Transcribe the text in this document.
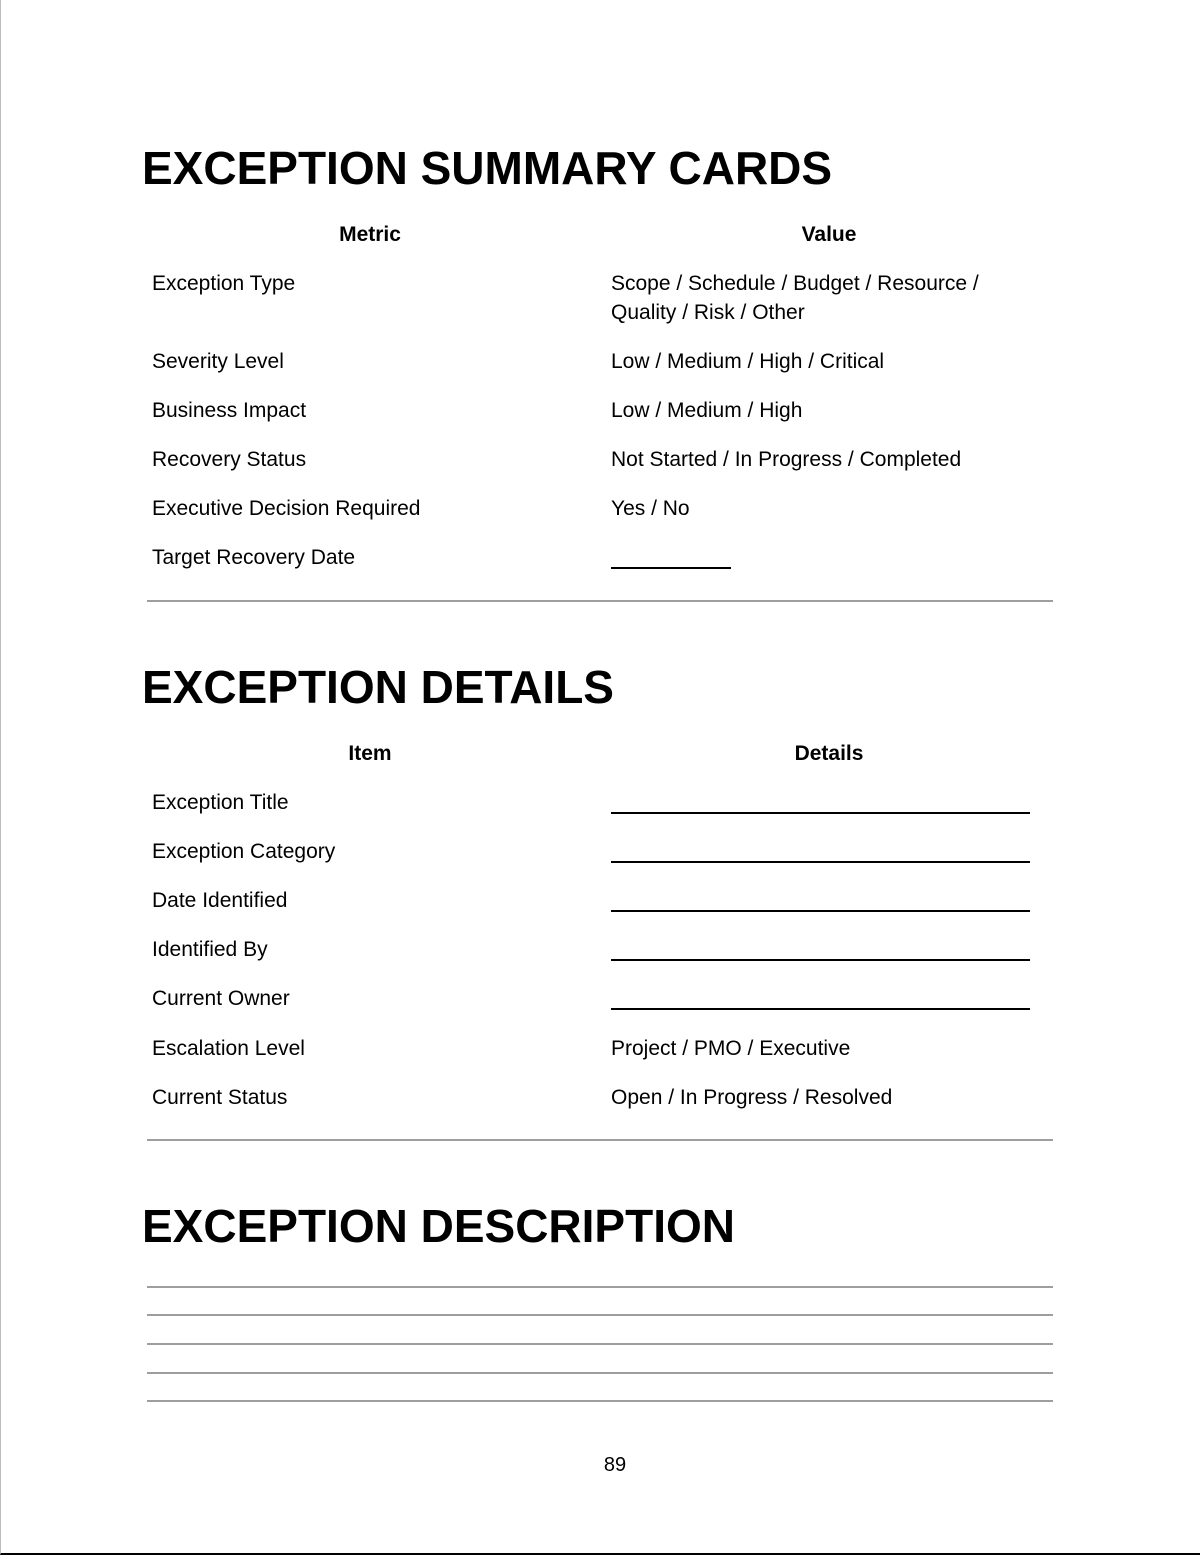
EXCEPTION SUMMARY CARDS
Metric	Value
Exception Type	Scope / Schedule / Budget / Resource /
Quality / Risk / Other
Severity Level	Low / Medium / High / Critical
Business Impact	Low / Medium / High
Recovery Status	Not Started / In Progress / Completed
Executive Decision Required	Yes / No
Target Recovery Date
EXCEPTION DETAILS
Item	Details
Exception Title
Exception Category
Date Identified
Identified By
Current Owner
Escalation Level	Project / PMO / Executive
Current Status	Open / In Progress / Resolved
EXCEPTION DESCRIPTION
89
